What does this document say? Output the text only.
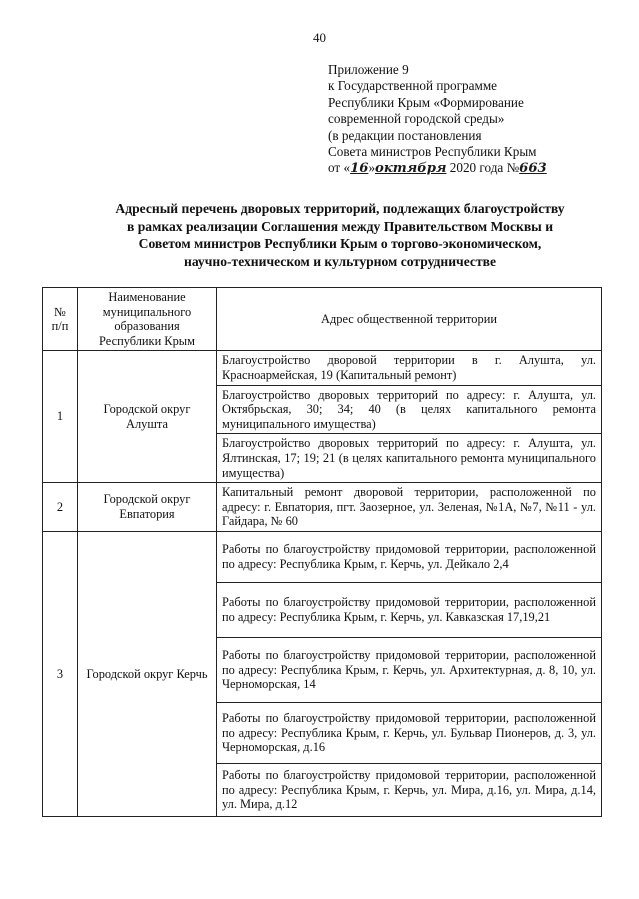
40
Приложение 9
к Государственной программе
Республики Крым «Формирование
современной городской среды»
(в редакции постановления
Совета министров Республики Крым
от «16»октября 2020 года №663
Адресный перечень дворовых территорий, подлежащих благоустройству
в рамках реализации Соглашения между Правительством Москвы и
Советом министров Республики Крым о торгово-экономическом,
научно-техническом и культурном сотрудничестве
№ п/п	Наименование муниципального образования Республики Крым	Адрес общественной территории
1	Городской округ Алушта	Благоустройство дворовой территории в г. Алушта, ул. Красноармейская, 19 (Капитальный ремонт)
		Благоустройство дворовых территорий по адресу: г. Алушта, ул. Октябрьская, 30; 34; 40 (в целях капитального ремонта муниципального имущества)
		Благоустройство дворовых территорий по адресу: г. Алушта, ул. Ялтинская, 17; 19; 21 (в целях капитального ремонта муниципального имущества)
2	Городской округ Евпатория	Капитальный ремонт дворовой территории, расположенной по адресу: г. Евпатория, пгт. Заозерное, ул. Зеленая, №1А, №7, №11 - ул. Гайдара, № 60
3	Городской округ Керчь	Работы по благоустройству придомовой территории, расположенной по адресу: Республика Крым, г. Керчь, ул. Дейкало 2,4
		Работы по благоустройству придомовой территории, расположенной по адресу: Республика Крым, г. Керчь, ул. Кавказская 17,19,21
		Работы по благоустройству придомовой территории, расположенной по адресу: Республика Крым, г. Керчь, ул. Архитектурная, д. 8, 10, ул. Черноморская, 14
		Работы по благоустройству придомовой территории, расположенной по адресу: Республика Крым, г. Керчь, ул. Бульвар Пионеров, д. 3, ул. Черноморская, д.16
		Работы по благоустройству придомовой территории, расположенной по адресу: Республика Крым, г. Керчь, ул. Мира, д.16, ул. Мира, д.14, ул. Мира, д.12
